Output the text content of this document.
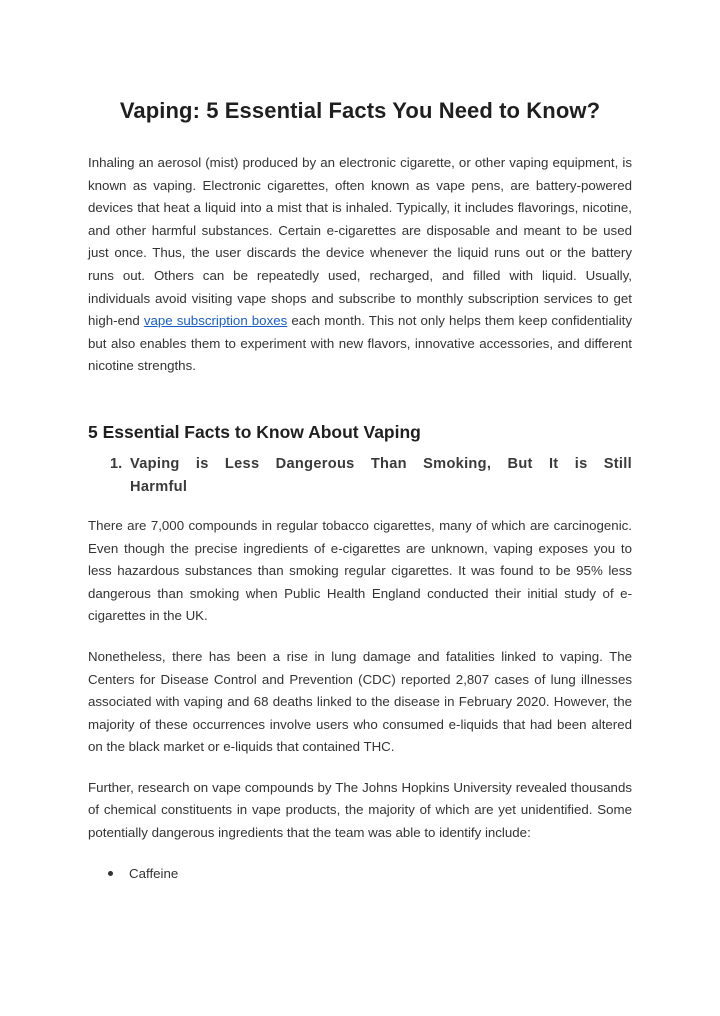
Vaping: 5 Essential Facts You Need to Know?

Inhaling an aerosol (mist) produced by an electronic cigarette, or other vaping equipment, is known as vaping. Electronic cigarettes, often known as vape pens, are battery-powered devices that heat a liquid into a mist that is inhaled. Typically, it includes flavorings, nicotine, and other harmful substances. Certain e-cigarettes are disposable and meant to be used just once. Thus, the user discards the device whenever the liquid runs out or the battery runs out. Others can be repeatedly used, recharged, and filled with liquid. Usually, individuals avoid visiting vape shops and subscribe to monthly subscription services to get high-end vape subscription boxes each month. This not only helps them keep confidentiality but also enables them to experiment with new flavors, innovative accessories, and different nicotine strengths.

5 Essential Facts to Know About Vaping
1. Vaping is Less Dangerous Than Smoking, But It is Still Harmful

There are 7,000 compounds in regular tobacco cigarettes, many of which are carcinogenic. Even though the precise ingredients of e-cigarettes are unknown, vaping exposes you to less hazardous substances than smoking regular cigarettes. It was found to be 95% less dangerous than smoking when Public Health England conducted their initial study of e-cigarettes in the UK.

Nonetheless, there has been a rise in lung damage and fatalities linked to vaping. The Centers for Disease Control and Prevention (CDC) reported 2,807 cases of lung illnesses associated with vaping and 68 deaths linked to the disease in February 2020. However, the majority of these occurrences involve users who consumed e-liquids that had been altered on the black market or e-liquids that contained THC.

Further, research on vape compounds by The Johns Hopkins University revealed thousands of chemical constituents in vape products, the majority of which are yet unidentified. Some potentially dangerous ingredients that the team was able to identify include:

Caffeine
